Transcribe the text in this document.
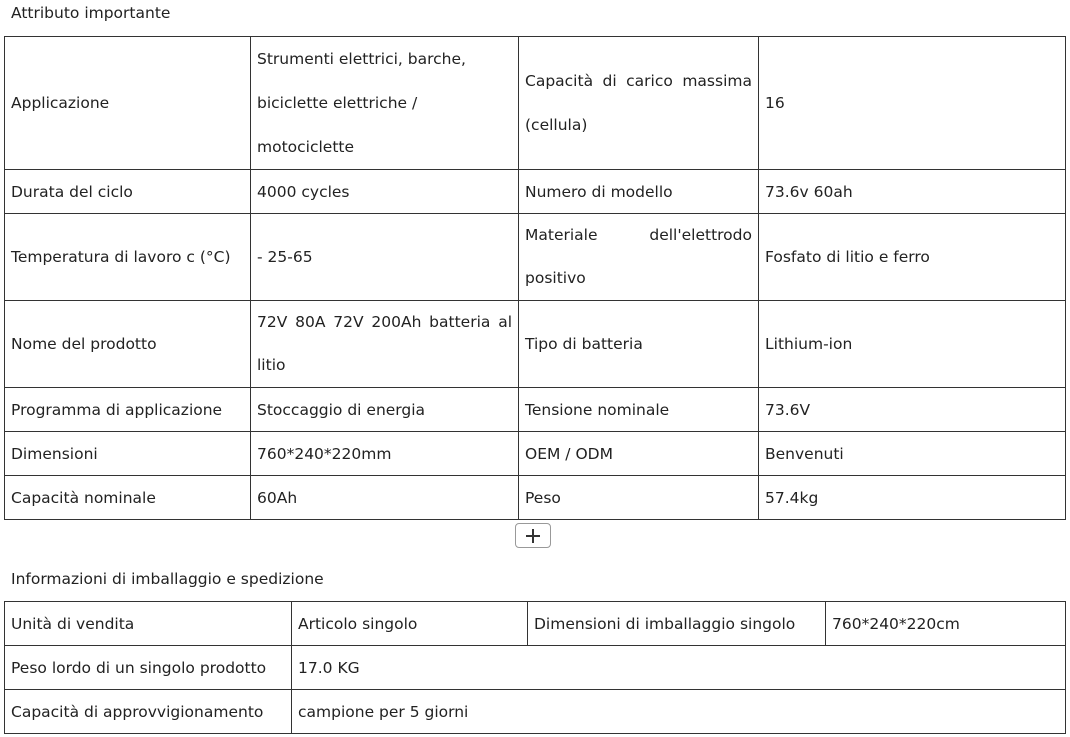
Attributo importante
Applicazione	Strumenti elettrici, barche, biciclette elettriche / motociclette	Capacità di carico massima (cellula)	16
Durata del ciclo	4000 cycles	Numero di modello	73.6v 60ah
Temperatura di lavoro c (°C)	- 25-65	Materiale dell'elettrodo positivo	Fosfato di litio e ferro
Nome del prodotto	72V 80A 72V 200Ah batteria al litio	Tipo di batteria	Lithium-ion
Programma di applicazione	Stoccaggio di energia	Tensione nominale	73.6V
Dimensioni	760*240*220mm	OEM / ODM	Benvenuti
Capacità nominale	60Ah	Peso	57.4kg
Informazioni di imballaggio e spedizione
Unità di vendita	Articolo singolo	Dimensioni di imballaggio singolo	760*240*220cm
Peso lordo di un singolo prodotto	17.0 KG		
Capacità di approvvigionamento	campione per 5 giorni		
